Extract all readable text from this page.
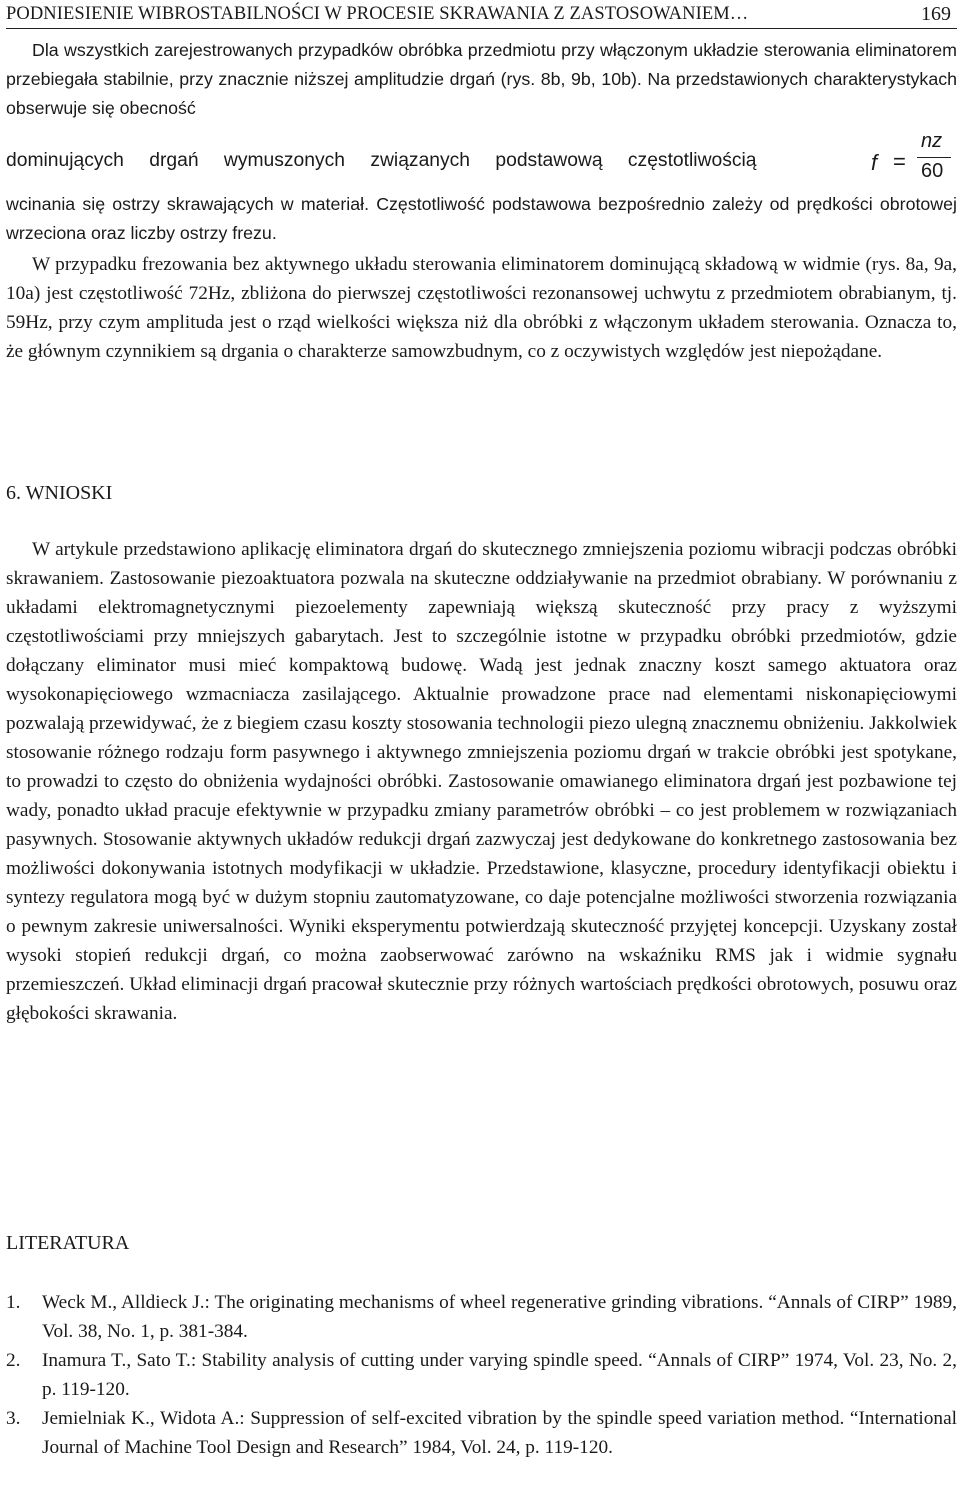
PODNIESIENIE WIBROSTABILNOŚCI W PROCESIE SKRAWANIA Z ZASTOSOWANIEM…	169

Dla wszystkich zarejestrowanych przypadków obróbka przedmiotu przy włączonym układzie sterowania eliminatorem przebiegała stabilnie, przy znacznie niższej amplitudzie drgań (rys. 8b, 9b, 10b). Na przedstawionych charakterystykach obserwuje się obecność

dominujących drgań wymuszonych związanych podstawową częstotliwością	f =
nz
60

wcinania się ostrzy skrawających w materiał. Częstotliwość podstawowa bezpośrednio zależy od prędkości obrotowej wrzeciona oraz liczby ostrzy frezu.

W przypadku frezowania bez aktywnego układu sterowania eliminatorem dominującą składową w widmie (rys. 8a, 9a, 10a) jest częstotliwość 72Hz, zbliżona do pierwszej częstotliwości rezonansowej uchwytu z przedmiotem obrabianym, tj. 59Hz, przy czym amplituda jest o rząd wielkości większa niż dla obróbki z włączonym układem sterowania. Oznacza to, że głównym czynnikiem są drgania o charakterze samowzbudnym, co z oczywistych względów jest niepożądane.

6. WNIOSKI

W artykule przedstawiono aplikację eliminatora drgań do skutecznego zmniejszenia poziomu wibracji podczas obróbki skrawaniem. Zastosowanie piezoaktuatora pozwala na skuteczne oddziaływanie na przedmiot obrabiany. W porównaniu z układami elektromagnetycznymi piezoelementy zapewniają większą skuteczność przy pracy z wyższymi częstotliwościami przy mniejszych gabarytach. Jest to szczególnie istotne w przypadku obróbki przedmiotów, gdzie dołączany eliminator musi mieć kompaktową budowę. Wadą jest jednak znaczny koszt samego aktuatora oraz wysokonapięciowego wzmacniacza zasilającego. Aktualnie prowadzone prace nad elementami niskonapięciowymi pozwalają przewidywać, że z biegiem czasu koszty stosowania technologii piezo ulegną znacznemu obniżeniu. Jakkolwiek stosowanie różnego rodzaju form pasywnego i aktywnego zmniejszenia poziomu drgań w trakcie obróbki jest spotykane, to prowadzi to często do obniżenia wydajności obróbki. Zastosowanie omawianego eliminatora drgań jest pozbawione tej wady, ponadto układ pracuje efektywnie w przypadku zmiany parametrów obróbki – co jest problemem w rozwiązaniach pasywnych. Stosowanie aktywnych układów redukcji drgań zazwyczaj jest dedykowane do konkretnego zastosowania bez możliwości dokonywania istotnych modyfikacji w układzie. Przedstawione, klasyczne, procedury identyfikacji obiektu i syntezy regulatora mogą być w dużym stopniu zautomatyzowane, co daje potencjalne możliwości stworzenia rozwiązania o pewnym zakresie uniwersalności. Wyniki eksperymentu potwierdzają skuteczność przyjętej koncepcji. Uzyskany został wysoki stopień redukcji drgań, co można zaobserwować zarówno na wskaźniku RMS jak i widmie sygnału przemieszczeń. Układ eliminacji drgań pracował skutecznie przy różnych wartościach prędkości obrotowych, posuwu oraz głębokości skrawania.

LITERATURA
1. Weck M., Alldieck J.: The originating mechanisms of wheel regenerative grinding vibrations. “Annals of CIRP” 1989, Vol. 38, No. 1, p. 381-384.
2. Inamura T., Sato T.: Stability analysis of cutting under varying spindle speed. “Annals of CIRP” 1974, Vol. 23, No. 2, p. 119-120.
3. Jemielniak K., Widota A.: Suppression of self-excited vibration by the spindle speed variation method. “International Journal of Machine Tool Design and Research” 1984, Vol. 24, p. 119-120.
